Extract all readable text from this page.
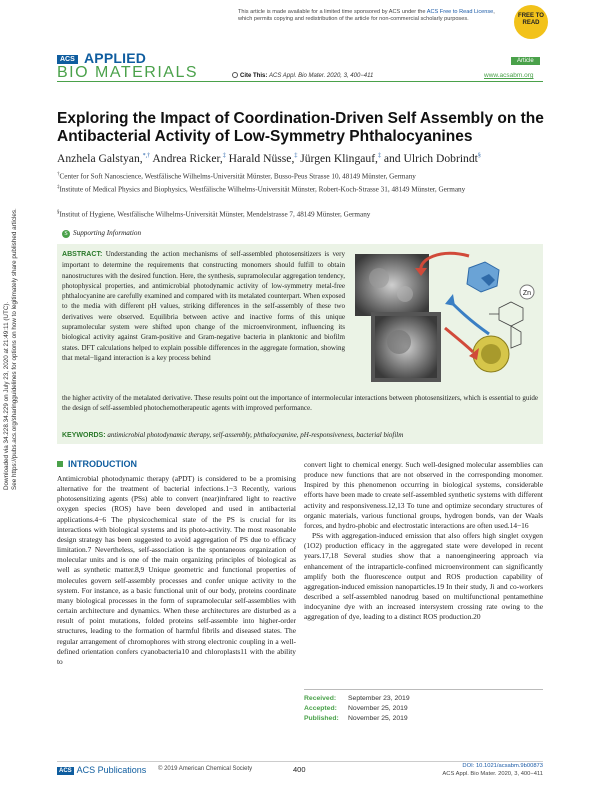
This article is made available for a limited time sponsored by ACS under the ACS Free to Read License, which permits copying and redistribution of the article for non-commercial scholarly purposes.
FREE TO READ
ACS APPLIED
BIO MATERIALS	Cite This: ACS Appl. Bio Mater. 2020, 3, 400−411
Article
www.acsabm.org
Exploring the Impact of Coordination-Driven Self Assembly on the Antibacterial Activity of Low-Symmetry Phthalocyanines
Anzhela Galstyan,*,† Andrea Ricker,‡ Harald Nüsse,‡ Jürgen Klingauf,‡ and Ulrich Dobrindt§
†Center for Soft Nanoscience, Westfälische Wilhelms-Universität Münster, Busso-Peus Strasse 10, 48149 Münster, Germany
‡Institute of Medical Physics and Biophysics, Westfälische Wilhelms-Universität Münster, Robert-Koch-Strasse 31, 48149 Münster, Germany
§Institut of Hygiene, Westfälische Wilhelms-Universität Münster, Mendelstrasse 7, 48149 Münster, Germany
S Supporting Information
ABSTRACT: Understanding the action mechanisms of self-assembled photosensitizers is very important to determine the requirements that constructing monomers should fulfill to obtain nanostructures with the desired function. Here, the synthesis, supramolecular aggregation tendency, photophysical properties, and antimicrobial photodynamic activity of low-symmetry metal-free phthalocyanine are carefully examined and compared with its metalated counterpart. When exposed to the media with different pH values, striking differences in the self-assembly of these two derivatives were observed. Equilibria between active and inactive forms of this unique supramolecular system were shifted upon change of the microenvironment, influencing its biological activity against Gram-positive and Gram-negative bacteria in planktonic and biofilm states. DFT calculations helped to explain possible differences in the aggregate formation, showing that metal−ligand interaction is a key process behind
the higher activity of the metalated derivative. These results point out the importance of intermolecular interactions between photosensitizers, which is essential to guide the design of self-assembled photochemotherapeutic agents with improved performance.
KEYWORDS: antimicrobial photodynamic therapy, self-assembly, phthalocyanine, pH-responsiveness, bacterial biofilm
Zn
INTRODUCTION

Antimicrobial photodynamic therapy (aPDT) is considered to be a promising alternative for the treatment of bacterial infections.1−3 Recently, various photosensitizing agents (PSs) able to convert (near)infrared light to reactive oxygen species (ROS) have been developed and used in antibacterial applications.4−6 The physicochemical state of the PS is crucial for its interactions with biological systems and its photo-activity. The most reasonable design strategy has been suggested to avoid aggregation of PS due to efficacy limitation.7 Nevertheless, self-association is the spontaneous organization of molecular units and is one of the main organizing principles of biological as well as synthetic matter.8,9 Unique geometric and functional properties of molecules govern self-assembly processes and confer unique activity to the system. For instance, as a basic functional unit of our body, proteins coordinate many biological processes in the form of supramolecular self-assemblies with certain architecture and dynamics. When these architectures are disturbed as a result of point mutations, folded proteins self-assemble into higher-order structures, leading to the formation of harmful fibrils and diseased states. The regular arrangement of chromophores with strong electronic coupling in a well-defined orientation confers cyanobacteria10 and chloroplasts11 with the ability to

convert light to chemical energy. Such well-designed molecular assemblies can produce new functions that are not observed in the corresponding monomer. Inspired by this phenomenon occurring in biological systems, considerable efforts have been made to create self-assembled synthetic systems with different activity and responsiveness.12,13 To tune and optimize secondary structures of organic materials, various functional groups, hydrogen bonds, van der Waals forces, and hydro-phobic and electrostatic interactions are often used.14−16

PSs with aggregation-induced emission that also offers high singlet oxygen (1O2) production efficacy in the aggregated state were developed in recent years.17,18 Several studies show that a nanoengineering approach via enhancement of the intraparticle-confined microenvironment can significantly amplify both the fluorescence output and ROS production capability of aggregation-induced emission nanoparticles.19 In their study, Ji and co-workers described a self-assembled nanodrug based on multifunctional pentamethine indocyanine dye with an increased intersystem crossing rate owing to the aggregation of dye, leading to a distinct ROS production.20

Received: September 23, 2019
Accepted: November 25, 2019
Published: November 25, 2019
ACS ACS Publications © 2019 American Chemical Society	400	DOI: 10.1021/acsabm.9b00873
ACS Appl. Bio Mater. 2020, 3, 400−411
Downloaded via 34.228.34.229 on July 23, 2020 at 21:49:11 (UTC). See https://pubs.acs.org/sharingguidelines for options on how to legitimately share published articles.
